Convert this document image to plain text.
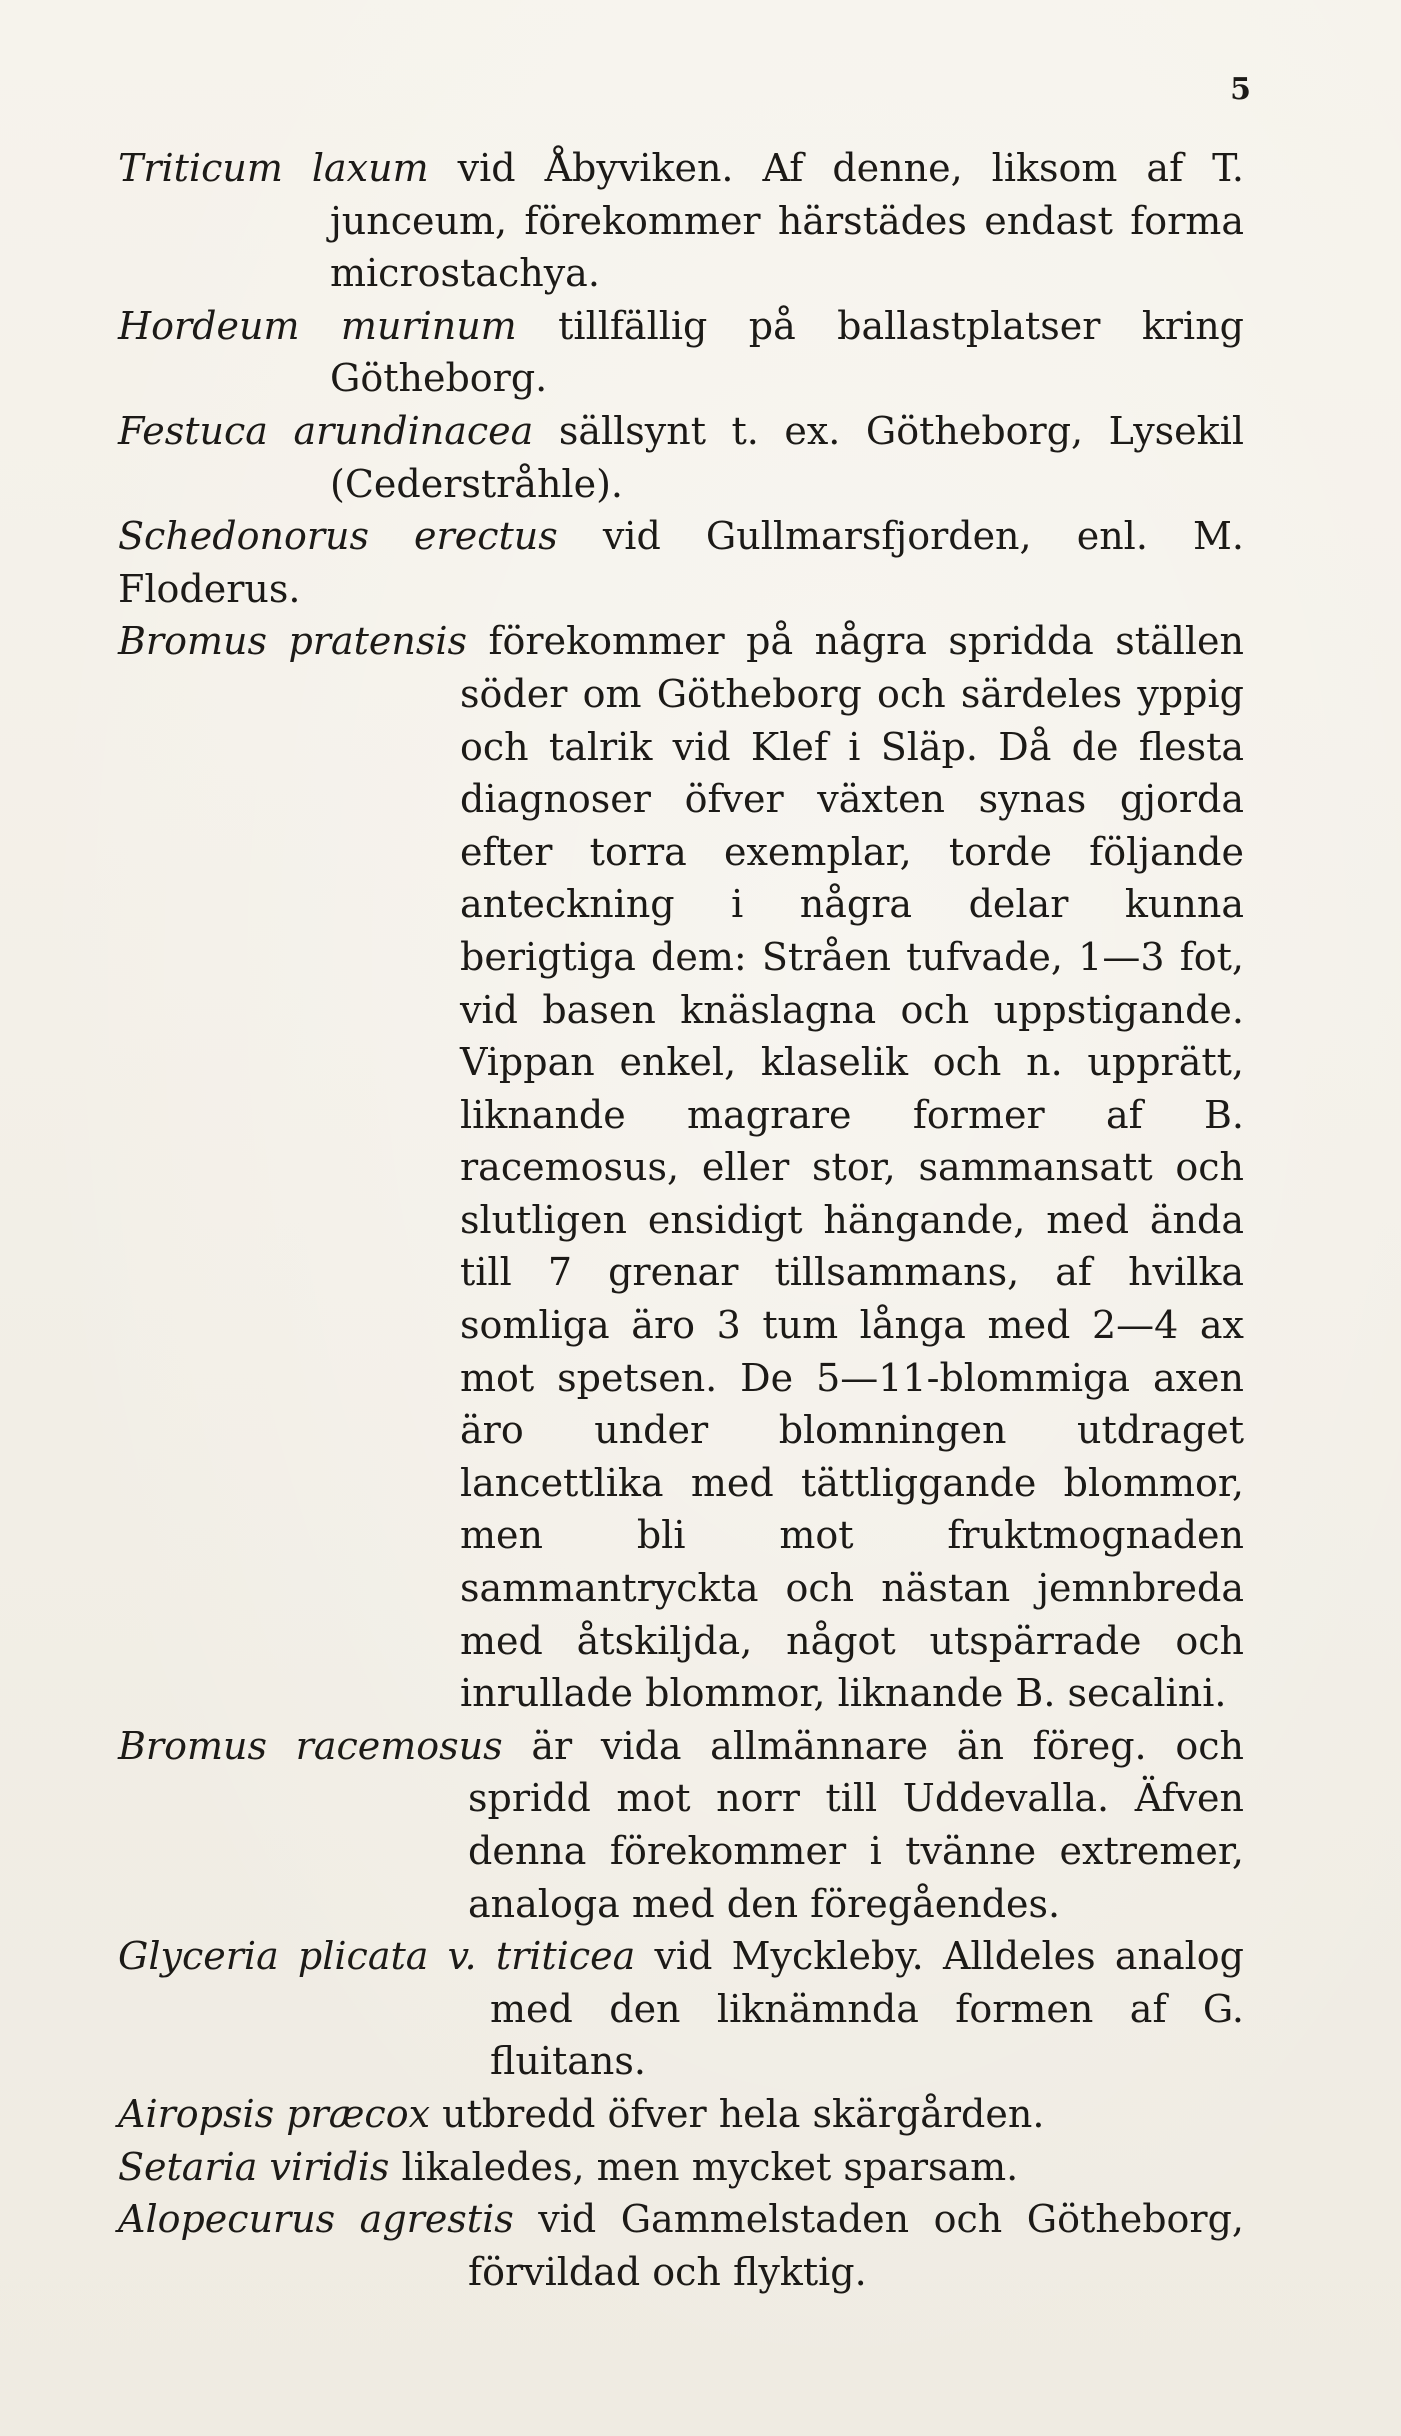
5

Triticum laxum vid Åbyviken. Af denne, liksom af T. junceum, förekommer härstädes endast forma microstachya.

Hordeum murinum tillfällig på ballastplatser kring Götheborg.

Festuca arundinacea sällsynt t. ex. Götheborg, Lysekil (Cederstråhle).

Schedonorus erectus vid Gullmarsfjorden, enl. M. Floderus.

Bromus pratensis förekommer på några spridda ställen söder om Götheborg och särdeles yppig och talrik vid Klef i Släp. Då de flesta diagnoser öfver växten synas gjorda efter torra exemplar, torde följande anteckning i några delar kunna berigtiga dem: Stråen tufvade, 1—3 fot, vid basen knäslagna och uppstigande. Vippan enkel, klaselik och n. upprätt, liknande magrare former af B. racemosus, eller stor, sammansatt och slutligen ensidigt hängande, med ända till 7 grenar tillsammans, af hvilka somliga äro 3 tum långa med 2—4 ax mot spetsen. De 5—11-blommiga axen äro under blomningen utdraget lancettlika med tättliggande blommor, men bli mot fruktmognaden sammantryckta och nästan jemnbreda med åtskiljda, något utspärrade och inrullade blommor, liknande B. secalini.

Bromus racemosus är vida allmännare än föreg. och spridd mot norr till Uddevalla. Äfven denna förekommer i tvänne extremer, analoga med den föregåendes.

Glyceria plicata v. triticea vid Myckleby. Alldeles analog med den liknämnda formen af G. fluitans.

Airopsis præcox utbredd öfver hela skärgården.

Setaria viridis likaledes, men mycket sparsam.

Alopecurus agrestis vid Gammelstaden och Götheborg, förvildad och flyktig.
